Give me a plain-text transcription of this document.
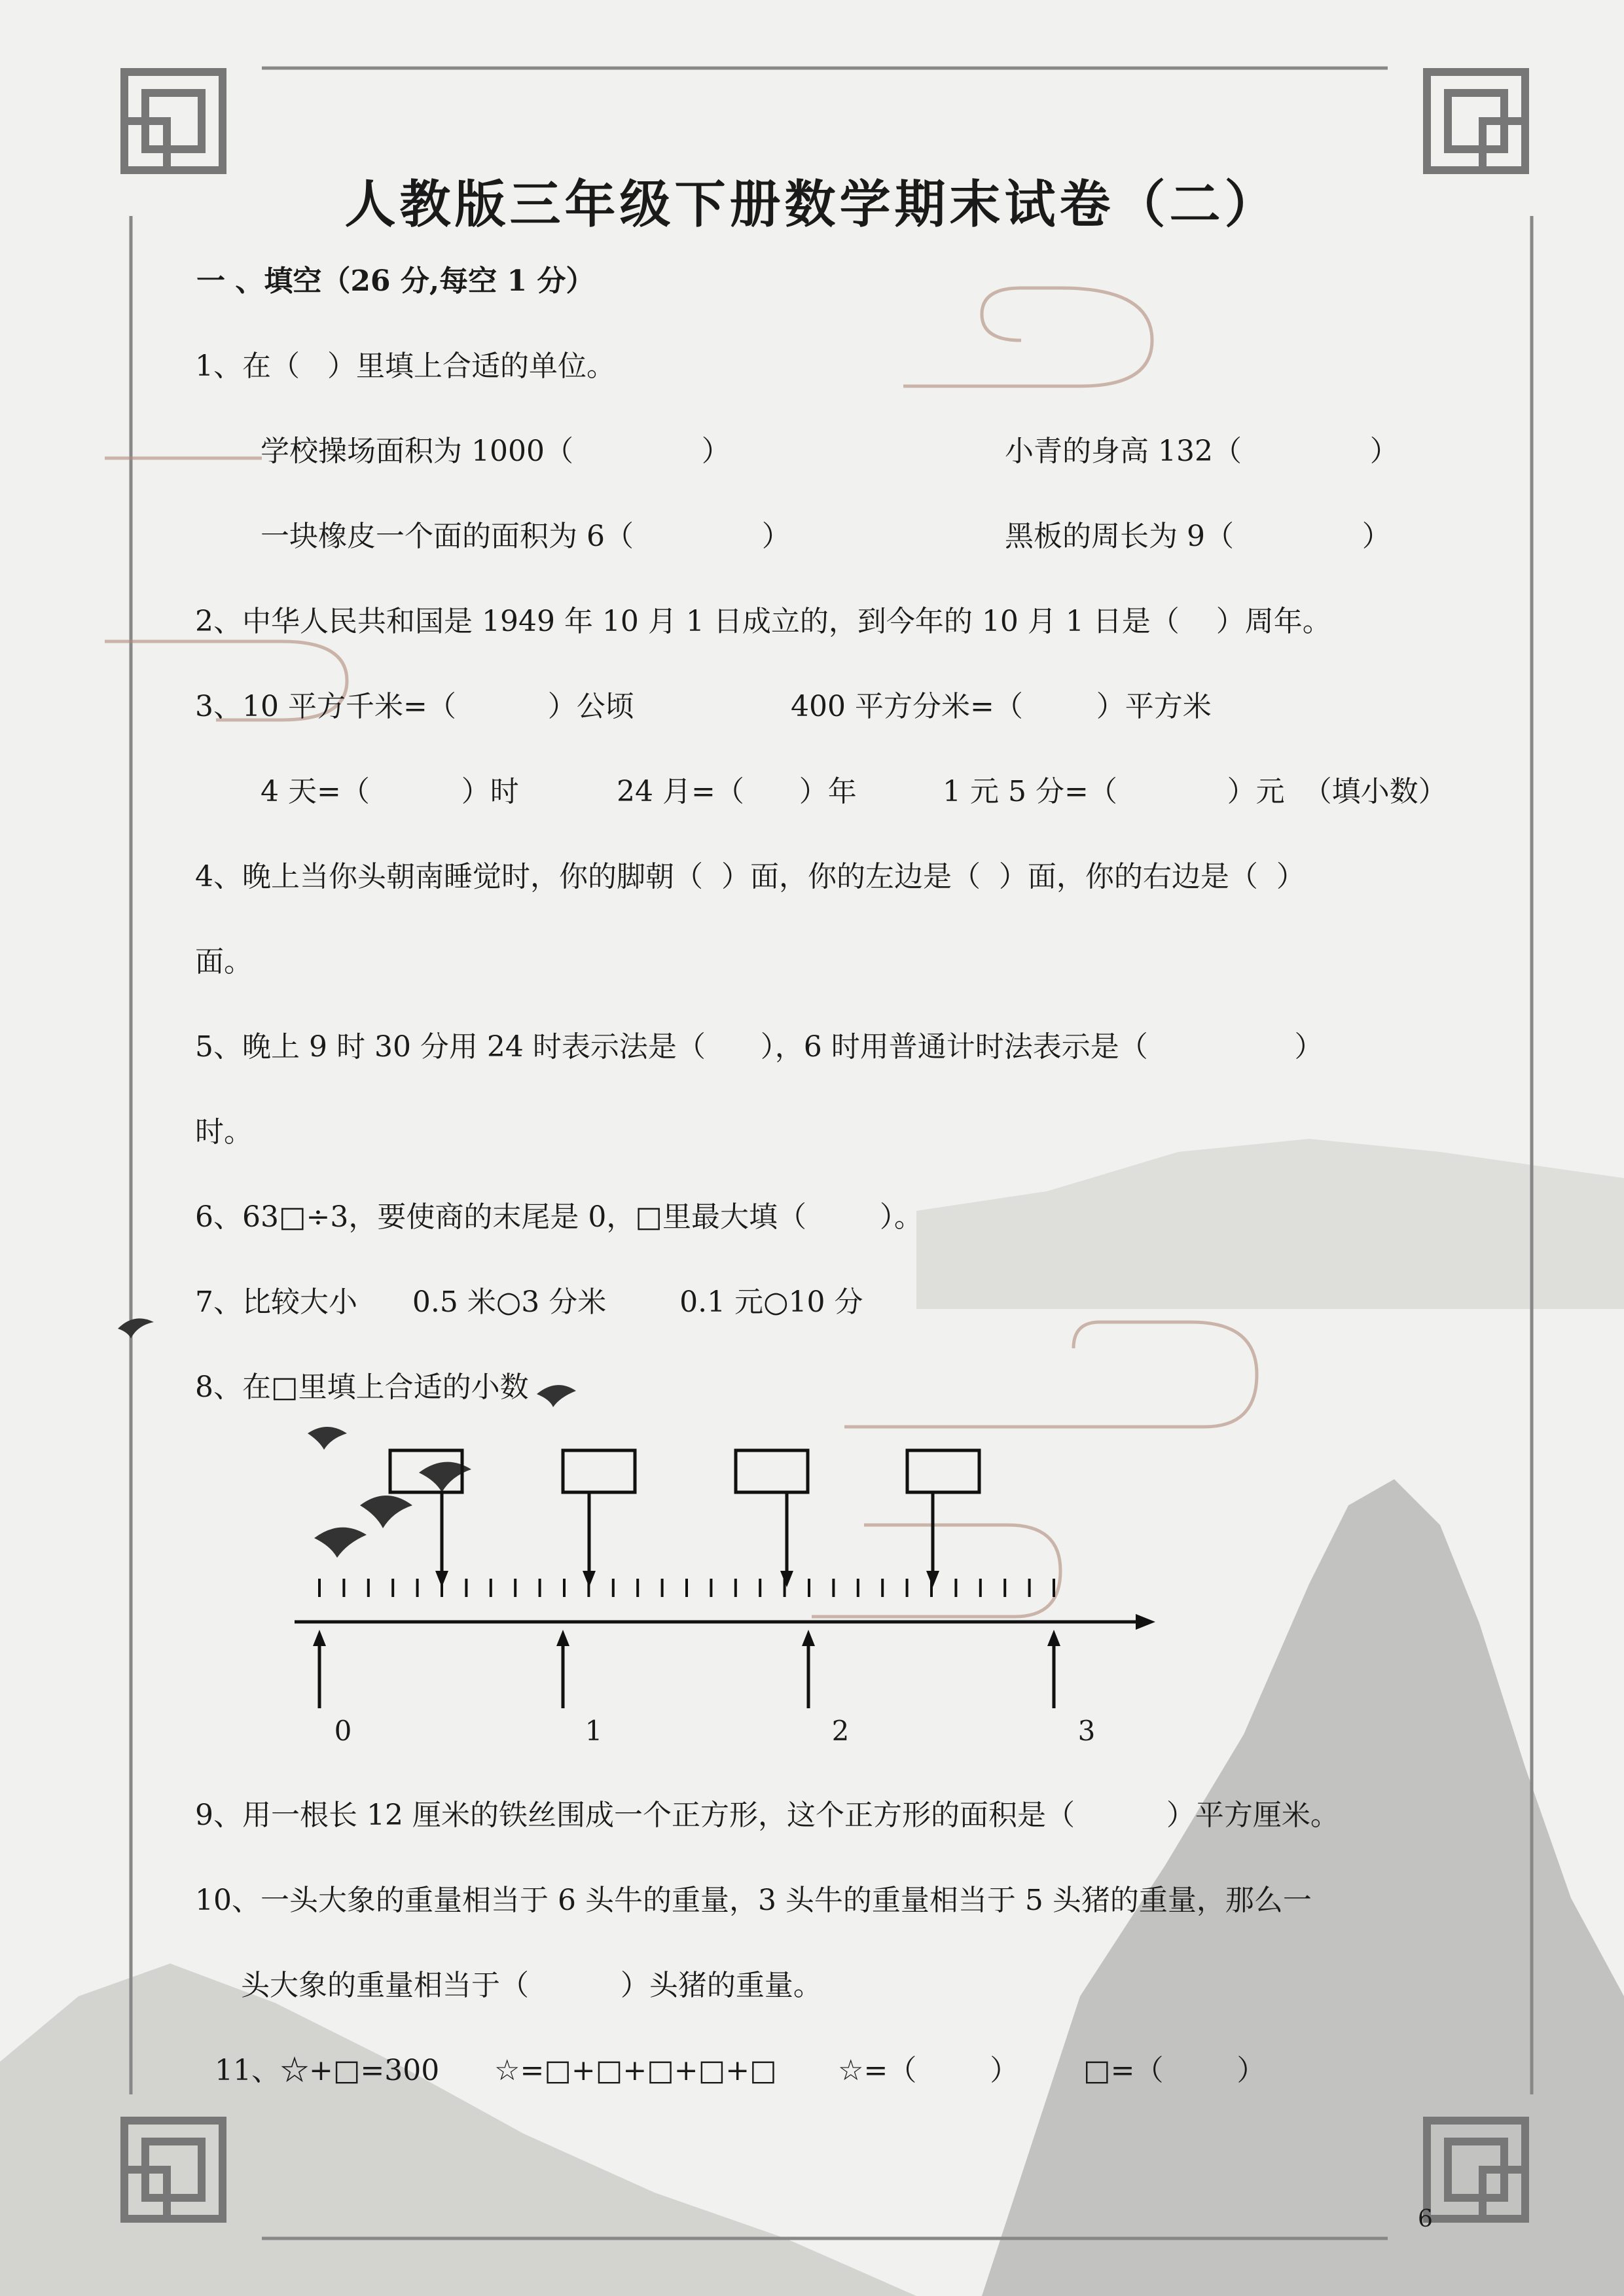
人教版三年级下册数学期末试卷（二）
一 、填空（26 分,每空 1 分）
1、在（   ）里填上合适的单位。
学校操场面积为 1000（              ）	小青的身高 132（              ）
一块橡皮一个面的面积为 6（              ）	黑板的周长为 9（              ）
2、中华人民共和国是 1949 年 10 月 1 日成立的，到今年的 10 月 1 日是（    ）周年。
3、10 平方千米=（          ）公顷	400 平方分米=（        ）平方米
4 天=（          ）时	24 月=（      ）年	1 元 5 分=（            ）元  （填小数）
4、晚上当你头朝南睡觉时，你的脚朝（  ）面，你的左边是（  ）面，你的右边是（  ）
面。
5、晚上 9 时 30 分用 24 时表示法是（      ），6 时用普通计时法表示是（                ）
时。
6、63□÷3，要使商的末尾是 0，□里最大填（        ）。
7、比较大小      0.5 米○3 分米        0.1 元○10 分
8、在□里填上合适的小数
0	1	2	3
9、用一根长 12 厘米的铁丝围成一个正方形，这个正方形的面积是（          ）平方厘米。
10、一头大象的重量相当于 6 头牛的重量，3 头牛的重量相当于 5 头猪的重量，那么一
头大象的重量相当于（          ）头猪的重量。
11、☆+□=300 ☆=□+□+□+□+□ ☆=（        ） □=（        ）
6
